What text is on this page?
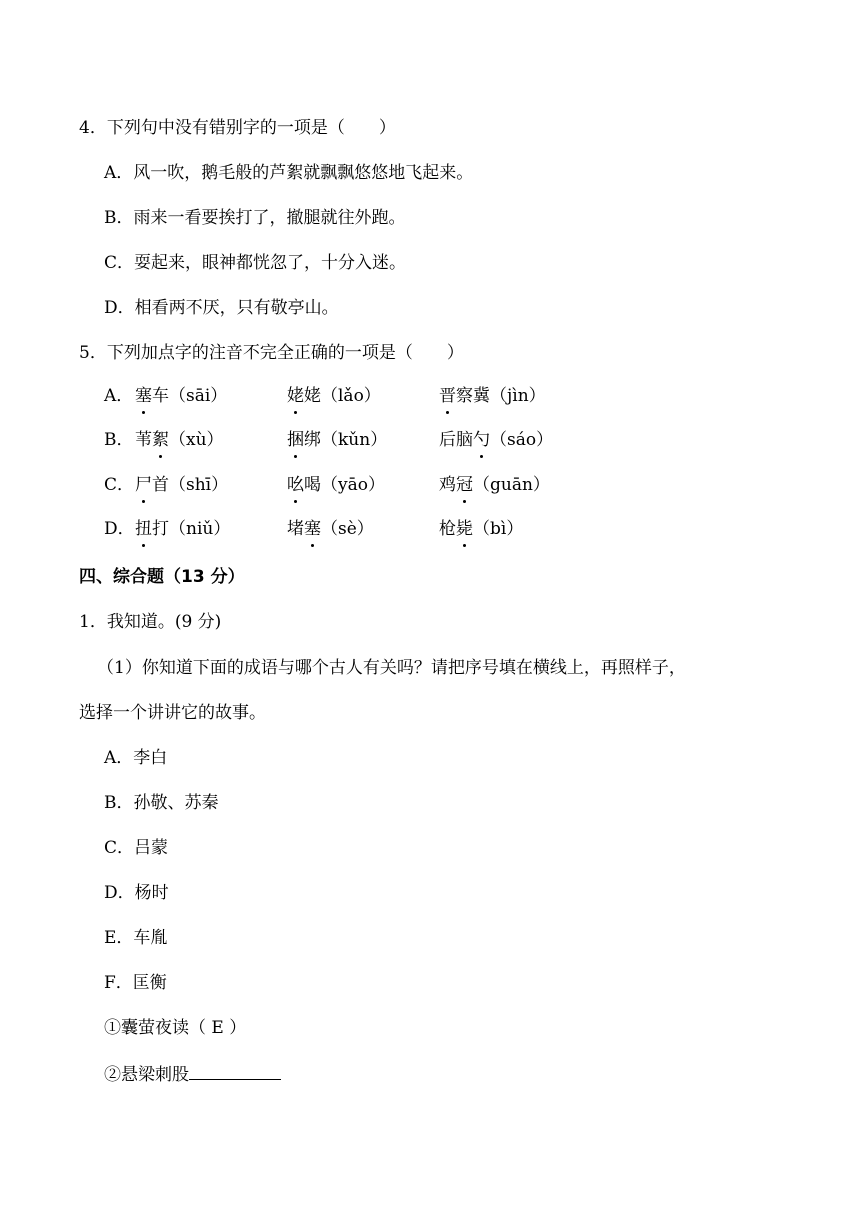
4．下列句中没有错别字的一项是（　　）
A．风一吹，鹅毛般的芦絮就飘飘悠悠地飞起来。
B．雨来一看要挨打了，撤腿就往外跑。
C．耍起来，眼神都恍忽了，十分入迷。
D．相看两不厌，只有敬亭山。
5．下列加点字的注音不完全正确的一项是（　　）
A． 塞车（sāi）	姥姥（lǎo）	晋察冀（jìn）
B． 苇絮（xù）	捆绑（kǔn）	后脑勺（sáo）
C． 尸首（shī）	吆喝（yāo）	鸡冠（guān）
D． 扭打（niǔ）	堵塞（sè）	枪毙（bì）
四、综合题（13 分）
1．我知道。(9 分)
（1）你知道下面的成语与哪个古人有关吗？请把序号填在横线上，再照样子，
选择一个讲讲它的故事。
A．李白
B．孙敬、苏秦
C．吕蒙
D．杨时
E．车胤
F．匡衡
①囊萤夜读（ E ）
②悬梁刺股
